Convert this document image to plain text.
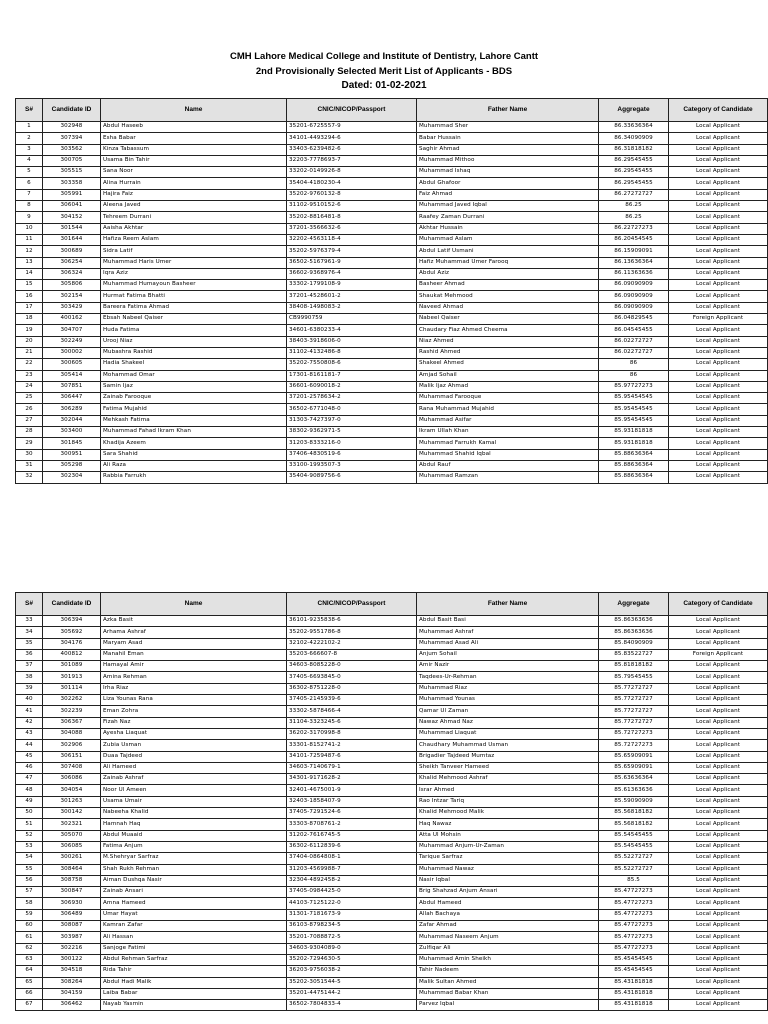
CMH Lahore Medical College and Institute of Dentistry, Lahore Cantt
2nd Provisionally Selected Merit List of Applicants - BDS
Dated: 01-02-2021
S#	Candidate ID	Name	CNIC/NICOP/Passport	Father Name	Aggregate	Category of Candidate
1	302948	Abdul Haseeb	35201-6725557-9	Muhammad Sher	86.33636364	Local Applicant
2	307394	Esha Babar	34101-4493294-6	Babar Hussain	86.34090909	Local Applicant
3	303562	Kinza Tabassum	33403-6239482-6	Saghir Ahmad	86.31818182	Local Applicant
4	300705	Usama Bin Tahir	32203-7778693-7	Muhammad Mithoo	86.29545455	Local Applicant
5	305515	Sana Noor	33202-0149926-8	Muhammad Ishaq	86.29545455	Local Applicant
6	303358	Alina Hurrain	35404-4180230-4	Abdul Ghafoor	86.29545455	Local Applicant
7	305991	Hajira Faiz	35202-9760132-8	Faiz Ahmad	86.27272727	Local Applicant
8	306041	Aleena Javed	31102-9510152-6	Muhammad Javed Iqbal	86.25	Local Applicant
9	304152	Tehreem Durrani	35202-8816481-8	Raafey Zaman Durrani	86.25	Local Applicant
10	301544	Aaisha Akhtar	37201-3566632-6	Akhtar Hussain	86.22727273	Local Applicant
11	301644	Hafiza Reem Aslam	32202-4563118-4	Muhammad Aslam	86.20454545	Local Applicant
12	300689	Sidra Latif	35202-5976379-4	Abdul Latif Usmani	86.15909091	Local Applicant
13	306254	Muhammad Haris Umer	36502-5167961-9	Hafiz Muhammad Umer Farooq	86.13636364	Local Applicant
14	306324	Iqra Aziz	36602-9368976-4	Abdul Aziz	86.11363636	Local Applicant
15	305806	Muhammad Humayoun Basheer	33302-1799108-9	Basheer Ahmad	86.09090909	Local Applicant
16	302154	Hurmat Fatima Bhatti	37201-4528601-2	Shaukat Mehmood	86.09090909	Local Applicant
17	303429	Bareera Fatima Ahmad	38408-1498083-2	Naveed Ahmad	86.09090909	Local Applicant
18	400162	Ebsah Nabeel Qaiser	CB9990759	Nabeel Qaiser	86.04829545	Foreign Applicant
19	304707	Huda Fatima	34601-6380233-4	Chaudary Fiaz Ahmed Cheema	86.04545455	Local Applicant
20	302249	Urooj Niaz	38403-3918606-0	Niaz Ahmed	86.02272727	Local Applicant
21	300002	Mubashra Rashid	31102-4132486-8	Rashid Ahmed	86.02272727	Local Applicant
22	300605	Hadia Shakeel	35202-7550808-6	Shakeel Ahmed	86	Local Applicant
23	305414	Mohammad Omar	17301-8161181-7	Amjad Sohail	86	Local Applicant
24	307851	Samin Ijaz	36601-6090018-2	Malik Ijaz Ahmad	85.97727273	Local Applicant
25	306447	Zainab Farooque	37201-2578634-2	Muhammad Farooque	85.95454545	Local Applicant
26	306289	Fatima Mujahid	36502-6771048-0	Rana Muhammad Mujahid	85.95454545	Local Applicant
27	302044	Mehkash Fatima	31303-7427397-0	Muhammad Asifar	85.95454545	Local Applicant
28	303400	Muhammad Fahad Ikram Khan	38302-9362971-5	Ikram Ullah Khan	85.93181818	Local Applicant
29	301845	Khadija Azeem	31203-8333216-0	Muhammad Farrukh Kamal	85.93181818	Local Applicant
30	300951	Sara Shahid	37406-4830519-6	Muhammad Shahid Iqbal	85.88636364	Local Applicant
31	305298	Ali Raza	33100-1993507-3	Abdul Rauf	85.88636364	Local Applicant
32	302304	Rabbia Farrukh	35404-9089756-6	Muhammad Ramzan	85.88636364	Local Applicant
S#	Candidate ID	Name	CNIC/NICOP/Passport	Father Name	Aggregate	Category of Candidate
33	306394	Azka Basit	36101-9235838-6	Abdul Basit Basi	85.86363636	Local Applicant
34	305692	Arhama Ashraf	35202-9551786-8	Muhammad Ashraf	85.86363636	Local Applicant
35	304176	Maryam Asad	32102-4222102-2	Muhammad Asad Ali	85.84090909	Local Applicant
36	400812	Manahil Eman	35203-666607-8	Anjum Sohail	85.83522727	Foreign Applicant
37	301089	Hamayal Amir	34603-8085228-0	Amir Nazir	85.81818182	Local Applicant
38	301913	Amina Rehman	37405-6693845-0	Taqdees-Ur-Rehman	85.79545455	Local Applicant
39	301114	Irha Riaz	36302-8751228-0	Muhammad Riaz	85.77272727	Local Applicant
40	302262	Liza Younas Rana	37405-2145939-6	Muhammad Younas	85.77272727	Local Applicant
41	302239	Eman Zohra	33302-5878466-4	Qamar Ul Zaman	85.77272727	Local Applicant
42	306367	Fizah Naz	31104-3323245-6	Nawaz Ahmad Naz	85.77272727	Local Applicant
43	304088	Ayesha Liaquat	36202-3170998-8	Muhammad Liaquat	85.72727273	Local Applicant
44	302906	Zubia Usman	33301-8152741-2	Chaudhary Muhammad Usman	85.72727273	Local Applicant
45	306151	Duaa Tajdeed	34101-7259487-6	Brigadier Tajdeed Mumtaz	85.65909091	Local Applicant
46	307408	Ali Hameed	34603-7140679-1	Sheikh Tanveer Hameed	85.65909091	Local Applicant
47	306086	Zainab Ashraf	34301-9171628-2	Khalid Mehmood Ashraf	85.63636364	Local Applicant
48	304054	Noor Ul Ameen	32401-4675001-9	Israr Ahmed	85.61363636	Local Applicant
49	301263	Usama Umair	32403-1858407-9	Rao Intzar Tariq	85.59090909	Local Applicant
50	300142	Nabeeha Khalid	37405-7291524-6	Khalid Mehmood Malik	85.56818182	Local Applicant
51	302321	Hamnah Haq	33303-8708761-2	Haq Nawaz	85.56818182	Local Applicant
52	305070	Abdul Muaaid	31202-7616745-5	Atta Ul Mohsin	85.54545455	Local Applicant
53	306085	Fatima Anjum	36302-6112839-6	Muhammad Anjum-Ur-Zaman	85.54545455	Local Applicant
54	300261	M.Shehryar Sarfraz	37404-0864808-1	Tarique Sarfraz	85.52272727	Local Applicant
55	308464	Shah Rukh Rehman	31203-4569988-7	Muhammad Nawaz	85.52272727	Local Applicant
56	308758	Aiman Dushqa Nasir	32304-4892458-2	Nasir Iqbal	85.5	Local Applicant
57	300847	Zainab Ansari	37405-0984425-0	Brig Shahzad Anjum Ansari	85.47727273	Local Applicant
58	306930	Amna Hameed	44103-7125122-0	Abdul Hameed	85.47727273	Local Applicant
59	306489	Umar Hayat	31301-7181673-9	Allah Bachaya	85.47727273	Local Applicant
60	308087	Kamran Zafar	36103-8798234-5	Zafar Ahmad	85.47727273	Local Applicant
61	303987	Ali Hassan	35201-7088872-5	Muhammad Naseem Anjum	85.47727273	Local Applicant
62	302216	Sanjoge Fatimi	34603-9304089-0	Zulfiqar Ali	85.47727273	Local Applicant
63	300122	Abdul Rehman Sarfraz	35202-7294630-5	Muhammad Amin Sheikh	85.45454545	Local Applicant
64	304518	Rida Tahir	36203-9756038-2	Tahir Nadeem	85.45454545	Local Applicant
65	308264	Abdul Hadi Malik	35202-3051544-5	Malik Sultan Ahmed	85.43181818	Local Applicant
66	304159	Laiba Babar	35201-4475144-2	Muhammad Babar Khan	85.43181818	Local Applicant
67	306462	Nayab Yasmin	36502-7804833-4	Parvez Iqbal	85.43181818	Local Applicant
